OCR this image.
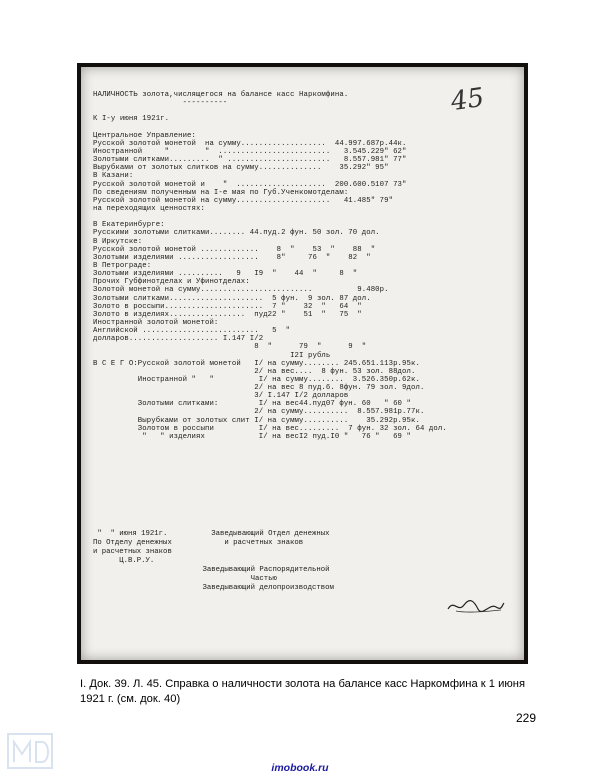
45
НАЛИЧНОСТЬ золота,числящегося на балансе касс Наркомфина.
----------
К I-у июня 1921г.
Центральное Управление:
Русской золотой монетой  на сумму...................  44.997.687р.44к.
Иностранной     "        "  .........................   3.545.229" 62"
Золотыми слитками.........  " .......................   8.557.981" 77"
Вырубками от золотых слитков на сумму..............    35.292" 95"
В Казани:
Русской золотой монетой и    "  ....................  200.600.5107 73"
По сведениям полученным на I-е мая по Губ.Ученкомотделам:
Русской золотой монетой на сумму.....................   41.485" 79"
на переходящих ценностях:
В Екатеринбурге:
Русскими золотыми слитками........ 44.пуд.2 фун. 50 зол. 70 дол.
В Иркутске:
Русской золотой монетой .............    8  "    53  "    88  "
Золотыми изделиями ..................    8"     76  "    82  "
В Петрограде:
Золотыми изделиями ..........   9   I9  "    44  "     8  "
Прочих Губфинотделах и Уфинотделах:
Золотой монетой на сумму.........................          9.480р.
Золотыми слитками.....................  5 фун.  9 зол. 87 дол.
Золото в россыпи......................  7 "    32  "   64  "
Золото в изделиях.................  пуд22 "    51  "   75  "
Иностранной золотой монетой:
Английской ..........................   5  "
долларов.................... I.147 I/2
8  "      79  "      9  "
I2I рубль
В С Е Г О:Русской золотой монетой   I/ на сумму........ 245.651.113р.95к.
2/ на вес....  8 фун. 53 зол. 88дол.
Иностранной "   "          I/ на сумму........  3.526.350р.62к.
2/ на вес 8 пуд.6. 8фун. 79 зол. 9дол.
3/ I.147 I/2 долларов
Золотыми слитками:         I/ на вес44.пуд07 фун. 60   " 60 "
2/ на сумму..........  8.557.981р.77к.
Вырубками от золотых слит I/ на сумму..........    35.292р.95к.
Золотом в россыпи          I/ на вес.........  7 фун. 32 зол. 64 дол.
"   " изделиях            I/ на весI2 пуд.I0 "   76 "   69 "
"  " июня 1921г.          Заведывающий Отдел денежных
По Отделу денежных            и расчетных знаков
и расчетных знаков
Ц.В.Р.У.
Заведывающий Распорядительной
Частью
Заведывающий делопроизводством
I. Док. 39. Л. 45. Справка о наличности золота на балансе касс Наркомфина к 1 июня 1921 г. (см. док. 40)
229
imobook.ru
